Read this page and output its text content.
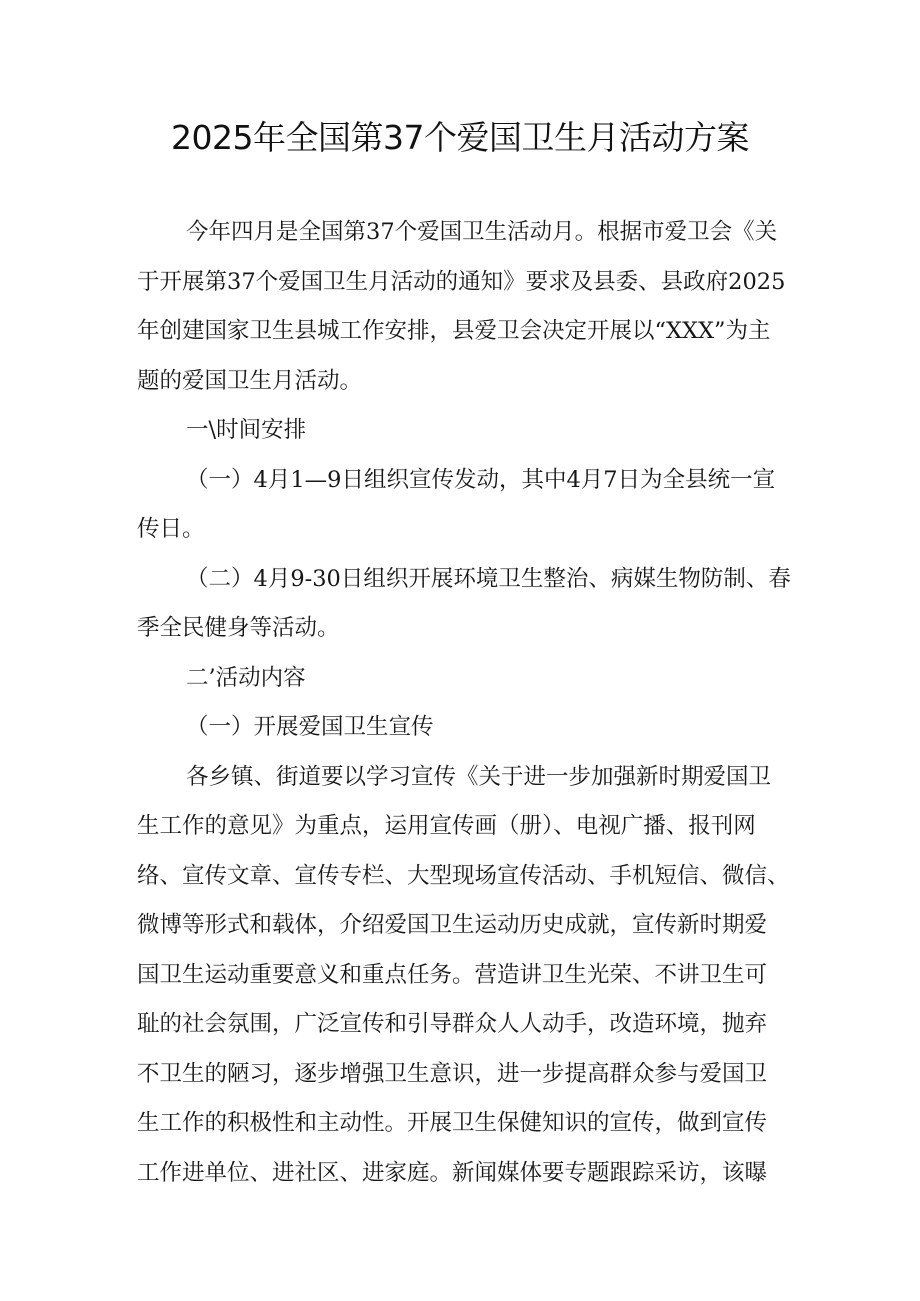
2025年全国第37个爱国卫生月活动方案
今年四月是全国第37个爱国卫生活动月。根据市爱卫会《关
于开展第37个爱国卫生月活动的通知》要求及县委、县政府2025
年创建国家卫生县城工作安排，县爱卫会决定开展以“XXX”为主
题的爱国卫生月活动。
一\时间安排
（一）4月1—9日组织宣传发动，其中4月7日为全县统一宣
传日。
（二）4月9-30日组织开展环境卫生整治、病媒生物防制、春
季全民健身等活动。
二’活动内容
（一）开展爱国卫生宣传
各乡镇、街道要以学习宣传《关于进一步加强新时期爱国卫
生工作的意见》为重点，运用宣传画（册）、电视广播、报刊网
络、宣传文章、宣传专栏、大型现场宣传活动、手机短信、微信、
微博等形式和载体，介绍爱国卫生运动历史成就，宣传新时期爱
国卫生运动重要意义和重点任务。营造讲卫生光荣、不讲卫生可
耻的社会氛围，广泛宣传和引导群众人人动手，改造环境，抛弃
不卫生的陋习，逐步增强卫生意识，进一步提高群众参与爱国卫
生工作的积极性和主动性。开展卫生保健知识的宣传，做到宣传
工作进单位、进社区、进家庭。新闻媒体要专题跟踪采访，该曝
